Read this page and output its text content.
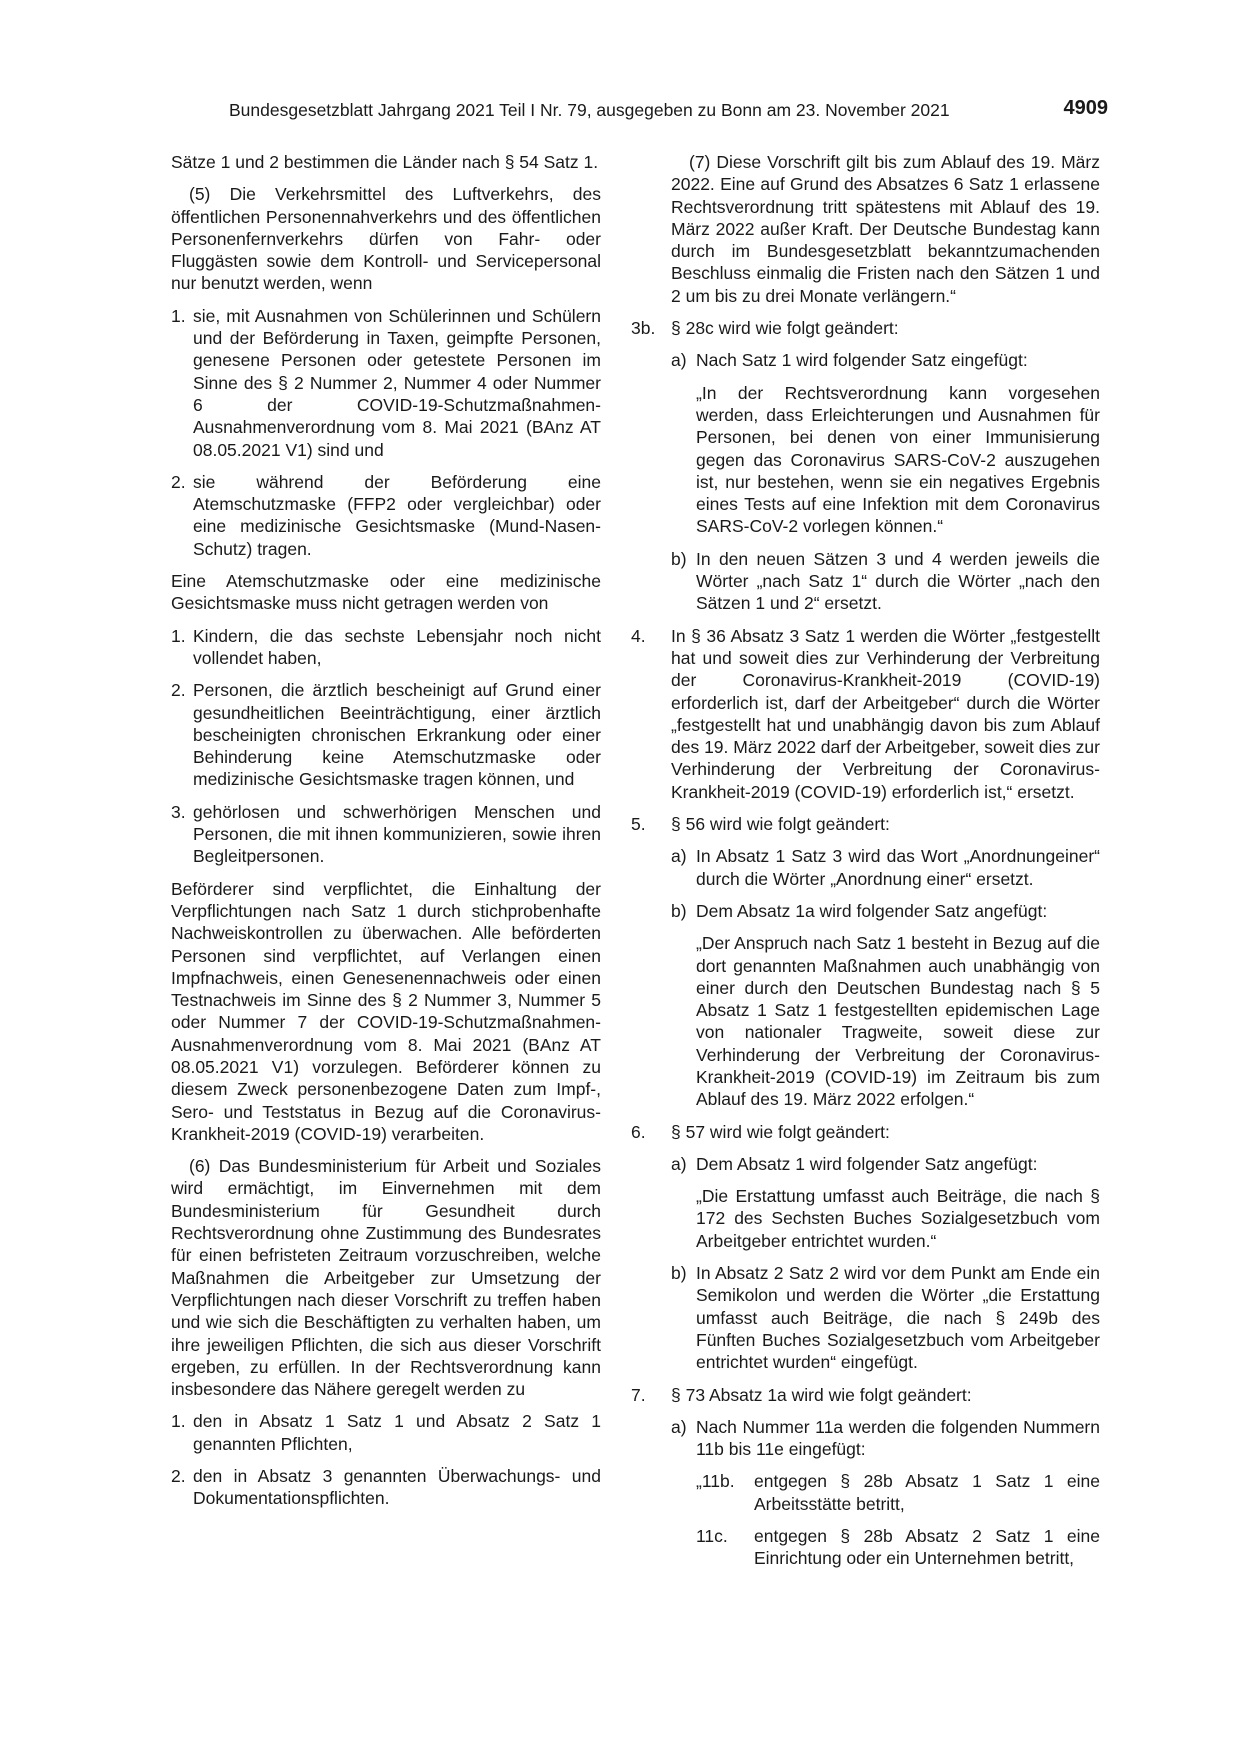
Bundesgesetzblatt Jahrgang 2021 Teil I Nr. 79, ausgegeben zu Bonn am 23. November 2021	4909

Sätze 1 und 2 bestimmen die Länder nach § 54 Satz 1.

(5) Die Verkehrsmittel des Luftverkehrs, des öffentlichen Personennahverkehrs und des öffentlichen Personenfernverkehrs dürfen von Fahr- oder Fluggästen sowie dem Kontroll- und Servicepersonal nur benutzt werden, wenn

1. sie, mit Ausnahmen von Schülerinnen und Schülern und der Beförderung in Taxen, geimpfte Personen, genesene Personen oder getestete Personen im Sinne des § 2 Nummer 2, Nummer 4 oder Nummer 6 der COVID-19-Schutzmaßnahmen-Ausnahmenverordnung vom 8. Mai 2021 (BAnz AT 08.05.2021 V1) sind und
2. sie während der Beförderung eine Atemschutzmaske (FFP2 oder vergleichbar) oder eine medizinische Gesichtsmaske (Mund-Nasen-Schutz) tragen.

Eine Atemschutzmaske oder eine medizinische Gesichtsmaske muss nicht getragen werden von

1. Kindern, die das sechste Lebensjahr noch nicht vollendet haben,
2. Personen, die ärztlich bescheinigt auf Grund einer gesundheitlichen Beeinträchtigung, einer ärztlich bescheinigten chronischen Erkrankung oder einer Behinderung keine Atemschutzmaske oder medizinische Gesichtsmaske tragen können, und
3. gehörlosen und schwerhörigen Menschen und Personen, die mit ihnen kommunizieren, sowie ihren Begleitpersonen.

Beförderer sind verpflichtet, die Einhaltung der Verpflichtungen nach Satz 1 durch stichprobenhafte Nachweiskontrollen zu überwachen. Alle beförderten Personen sind verpflichtet, auf Verlangen einen Impfnachweis, einen Genesenennachweis oder einen Testnachweis im Sinne des § 2 Nummer 3, Nummer 5 oder Nummer 7 der COVID-19-Schutzmaßnahmen-Ausnahmenverordnung vom 8. Mai 2021 (BAnz AT 08.05.2021 V1) vorzulegen. Beförderer können zu diesem Zweck personenbezogene Daten zum Impf-, Sero- und Teststatus in Bezug auf die Coronavirus-Krankheit-2019 (COVID-19) verarbeiten.

(6) Das Bundesministerium für Arbeit und Soziales wird ermächtigt, im Einvernehmen mit dem Bundesministerium für Gesundheit durch Rechtsverordnung ohne Zustimmung des Bundesrates für einen befristeten Zeitraum vorzuschreiben, welche Maßnahmen die Arbeitgeber zur Umsetzung der Verpflichtungen nach dieser Vorschrift zu treffen haben und wie sich die Beschäftigten zu verhalten haben, um ihre jeweiligen Pflichten, die sich aus dieser Vorschrift ergeben, zu erfüllen. In der Rechtsverordnung kann insbesondere das Nähere geregelt werden zu

1. den in Absatz 1 Satz 1 und Absatz 2 Satz 1 genannten Pflichten,
2. den in Absatz 3 genannten Überwachungs- und Dokumentationspflichten.

(7) Diese Vorschrift gilt bis zum Ablauf des 19. März 2022. Eine auf Grund des Absatzes 6 Satz 1 erlassene Rechtsverordnung tritt spätestens mit Ablauf des 19. März 2022 außer Kraft. Der Deutsche Bundestag kann durch im Bundesgesetzblatt bekanntzumachenden Beschluss einmalig die Fristen nach den Sätzen 1 und 2 um bis zu drei Monate verlängern.“

3b. § 28c wird wie folgt geändert:
a) Nach Satz 1 wird folgender Satz eingefügt:

„In der Rechtsverordnung kann vorgesehen werden, dass Erleichterungen und Ausnahmen für Personen, bei denen von einer Immunisierung gegen das Coronavirus SARS-CoV-2 auszugehen ist, nur bestehen, wenn sie ein negatives Ergebnis eines Tests auf eine Infektion mit dem Coronavirus SARS-CoV-2 vorlegen können.“

b) In den neuen Sätzen 3 und 4 werden jeweils die Wörter „nach Satz 1“ durch die Wörter „nach den Sätzen 1 und 2“ ersetzt.
4.	In § 36 Absatz 3 Satz 1 werden die Wörter „festgestellt hat und soweit dies zur Verhinderung der Verbreitung der Coronavirus-Krankheit-2019 (COVID-19) erforderlich ist, darf der Arbeitgeber“ durch die Wörter „festgestellt hat und unabhängig davon bis zum Ablauf des 19. März 2022 darf der Arbeitgeber, soweit dies zur Verhinderung der Verbreitung der Coronavirus-Krankheit-2019 (COVID-19) erforderlich ist,“ ersetzt.
5.	§ 56 wird wie folgt geändert:
a) In Absatz 1 Satz 3 wird das Wort „Anordnungeiner“ durch die Wörter „Anordnung einer“ ersetzt.
b) Dem Absatz 1a wird folgender Satz angefügt:

„Der Anspruch nach Satz 1 besteht in Bezug auf die dort genannten Maßnahmen auch unabhängig von einer durch den Deutschen Bundestag nach § 5 Absatz 1 Satz 1 festgestellten epidemischen Lage von nationaler Tragweite, soweit diese zur Verhinderung der Verbreitung der Coronavirus-Krankheit-2019 (COVID-19) im Zeitraum bis zum Ablauf des 19. März 2022 erfolgen.“

6.	§ 57 wird wie folgt geändert:
a) Dem Absatz 1 wird folgender Satz angefügt:

„Die Erstattung umfasst auch Beiträge, die nach § 172 des Sechsten Buches Sozialgesetzbuch vom Arbeitgeber entrichtet wurden.“

b) In Absatz 2 Satz 2 wird vor dem Punkt am Ende ein Semikolon und werden die Wörter „die Erstattung umfasst auch Beiträge, die nach § 249b des Fünften Buches Sozialgesetzbuch vom Arbeitgeber entrichtet wurden“ eingefügt.
7.	§ 73 Absatz 1a wird wie folgt geändert:
a) Nach Nummer 11a werden die folgenden Nummern 11b bis 11e eingefügt:
„11b.	entgegen § 28b Absatz 1 Satz 1 eine Arbeitsstätte betritt,
11c.	entgegen § 28b Absatz 2 Satz 1 eine Einrichtung oder ein Unternehmen betritt,
